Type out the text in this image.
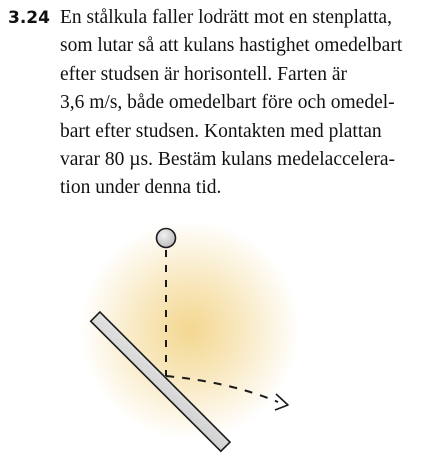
3.24 En stålkula faller lodrätt mot en stenplatta,
som lutar så att kulans hastighet omedelbart
efter studsen är horisontell. Farten är
3,6 m/s, både omedelbart före och omedel-
bart efter studsen. Kontakten med plattan
varar 80 µs. Bestäm kulans medelaccelera-
tion under denna tid.
